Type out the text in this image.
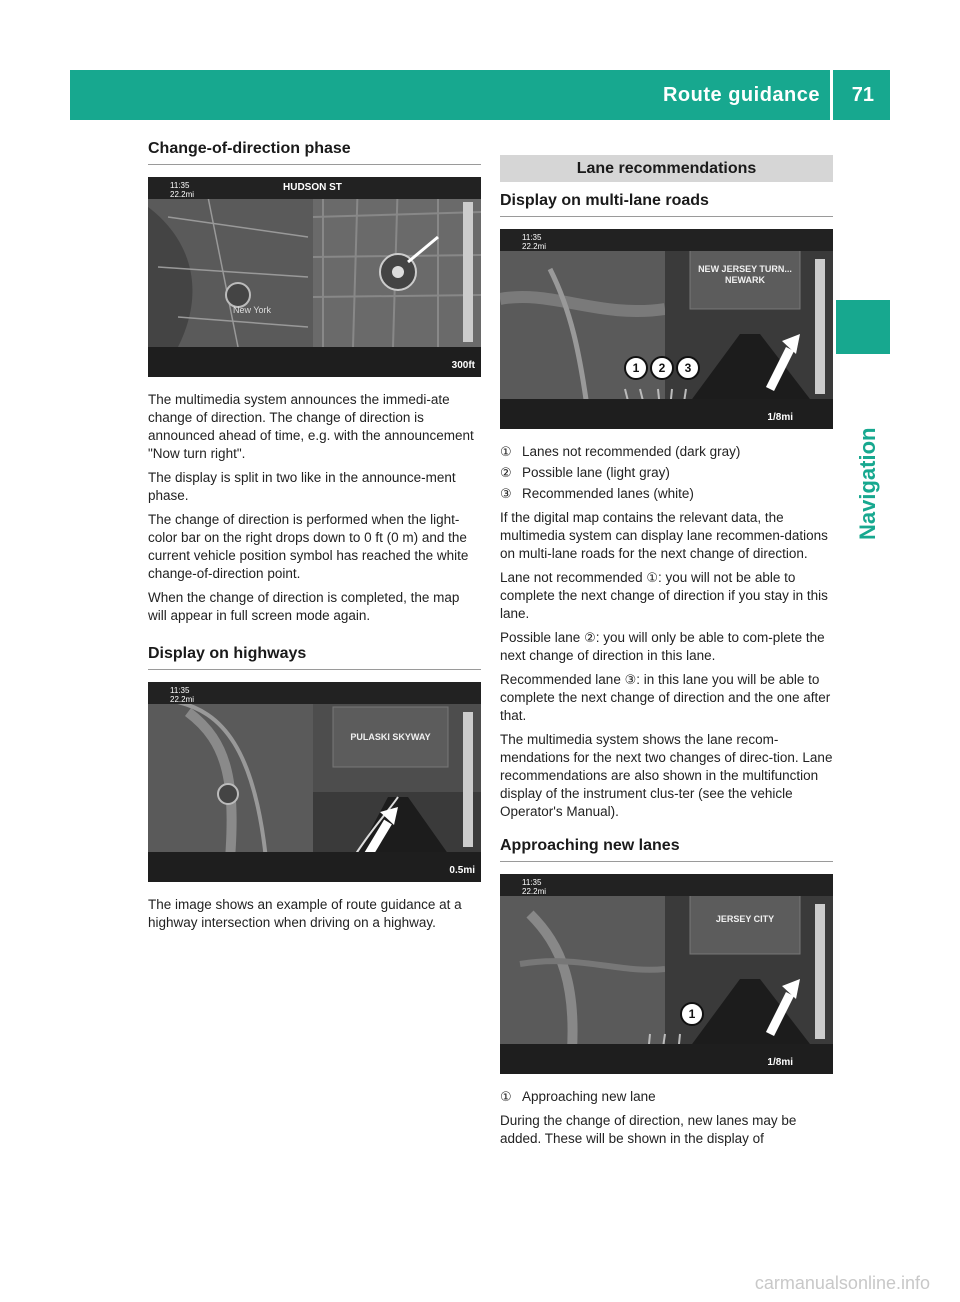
Route guidance 71
Navigation
Change-of-direction phase
11:35
22.2mi
HUDSON ST
New York
300ft
P82.2373-31

The multimedia system announces the immedi-ate change of direction. The change of direction is announced ahead of time, e.g. with the announcement "Now turn right".

The display is split in two like in the announce-ment phase.

The change of direction is performed when the light-color bar on the right drops down to 0 ft (0 m) and the current vehicle position symbol has reached the white change-of-direction point.

When the change of direction is completed, the map will appear in full screen mode again.

Display on highways
11:35
22.2mi
PULASKI SKYWAY
0.5mi
P82.2373-31

The image shows an example of route guidance at a highway intersection when driving on a highway.

Lane recommendations
Display on multi-lane roads
11:35
22.2mi
NEW JERSEY TURN... NEWARK
1	2	3
1/8mi
P82.2385-31
① Lanes not recommended (dark gray)
② Possible lane (light gray)
③ Recommended lanes (white)

If the digital map contains the relevant data, the multimedia system can display lane recommen-dations on multi-lane roads for the next change of direction.

Lane not recommended ①: you will not be able to complete the next change of direction if you stay in this lane.

Possible lane ②: you will only be able to com-plete the next change of direction in this lane.

Recommended lane ③: in this lane you will be able to complete the next change of direction and the one after that.

The multimedia system shows the lane recom-mendations for the next two changes of direc-tion. Lane recommendations are also shown in the multifunction display of the instrument clus-ter (see the vehicle Operator's Manual).

Approaching new lanes
11:35
22.2mi
JERSEY CITY
1
1/8mi
P82.2386-31
① Approaching new lane

During the change of direction, new lanes may be added. These will be shown in the display of

carmanualsonline.info
